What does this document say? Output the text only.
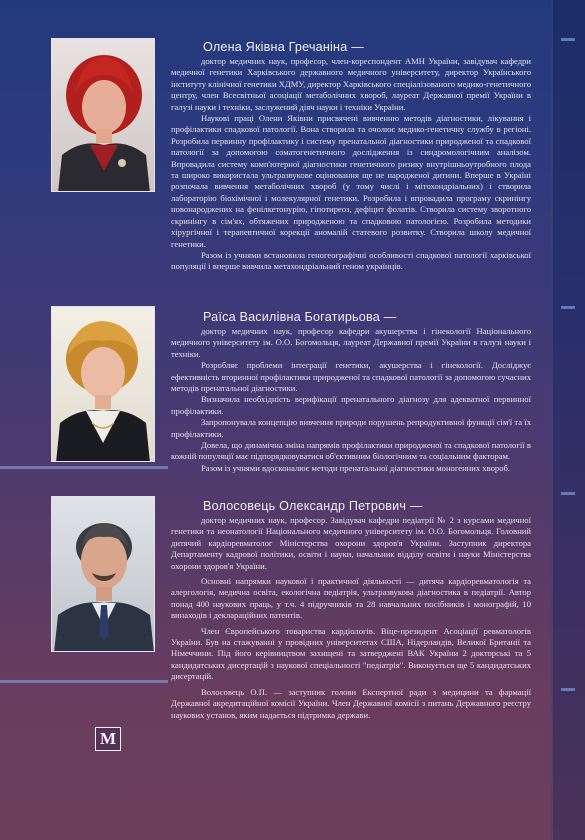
Олена Яківна Гречаніна —

доктор медичних наук, професор, член-кореспондент АМН України, завідувач кафедри медичної генетики Харківського державного медичного університету, директор Українського інституту клінічної генетики ХДМУ, директор Харківського спеціалізованого медико-генетичного центру, член Всесвітньої асоціації метаболічних хвороб, лауреат Державної премії України в галузі науки і техніки, заслужений діяч науки і техніки України.

Наукові праці Олени Яківни присвячені вивченню методів діагностики, лікування і профілактики спадкової патології. Вона створила та очолює медико-генетичну службу в регіоні. Розробила первинну профілактику і систему пренатальної діагностики природженої та спадкової патології за допомогою соматогенетичного дослідження із синдромологічним аналізом. Впровадила систему комп'ютерної діагностики генетичного ризику внутрішньоутробного плода та широко використала ультразвукове оцінювання ще не народженої дитини. Вперше в Україні розпочала вивчення метаболічних хвороб (у тому числі і мітохондріальних) і створила лабораторію біохімічної і молекулярної генетики. Розробила і впровадила програму скринінгу новонароджених на фенілкетонурію, гіпотиреоз, дефіцит фолатів. Створила систему зворотного скринінгу в сім'ях, обтяжених природженою та спадковою патологією. Розробила методики хірургічної і терапевтичної корекції аномалій статевого розвитку. Створила школу медичної генетики.

Разом із учнями встановила геногеографічні особливості спадкової патології харківської популяції і вперше вивчила метахондріальний геном українців.

Раїса Василівна Богатирьова —

доктор медичних наук, професор кафедри акушерства і гінекології Національного медичного університету ім. О.О. Богомольця, лауреат Державної премії України в галузі науки і техніки.

Розробляє проблеми інтеграції генетики, акушерства і гінекології. Досліджує ефективність вторинної профілактики природженої та спадкової патології за допомогою сучасних методів пренатальної діагностики.

Визначила необхідність верифікації пренатального діагнозу для адекватної первинної профілактики.

Запропонувала концепцію вивчення природи порушень репродуктивної функції сім'ї та їх профілактики.

Довела, що динамічна зміна напрямів профілактики природженої та спадкової патології в кожній популяції має підпорядковуватися об'єктивним біологічним та соціальним факторам.

Разом із учнями вдосконалює методи пренатальної діагностики моногенних хвороб.

Волосовець Олександр Петрович —

доктор медичних наук, професор. Завідувач кафедри педіатрії № 2 з курсами медичної генетики та неонатології Національного медичного університету ім. О.О. Богомольця. Головний дитячий кардіоревматолог Міністерства охорони здоров'я України. Заступник директора Департаменту кадрової політики, освіти і науки, начальник відділу освіти і науки Міністерства охорони здоров'я України.

Основні напрямки наукової і практичної діяльності — дитяча кардіоревматологія та алергологія, медична освіта, екологічна педіатрія, ультразвукова діагностика в педіатрії. Автор понад 400 наукових праць, у т.ч. 4 підручників та 28 навчальних посібників і монографій, 10 винаходів і деклараційних патентів.

Член Європейського товариства кардіологів. Віце-президент Асоціації ревматологів України. Був на стажуванні у провідних університетах США, Нідерландів, Великої Британії та Німеччини. Під його керівництвом захищені та затверджені ВАК України 2 докторські та 5 кандидатських дисертацій з наукової спеціальності "педіатрія". Виконується ще 5 кандидатських дисертацій.

Волосовець О.П. — заступник голови Експертної ради з медицини та фармації Державної акредитаційної комісії України. Член Державної комісії з питань Державного реєстру наукових установ, яким надається підтримка держави.

M
